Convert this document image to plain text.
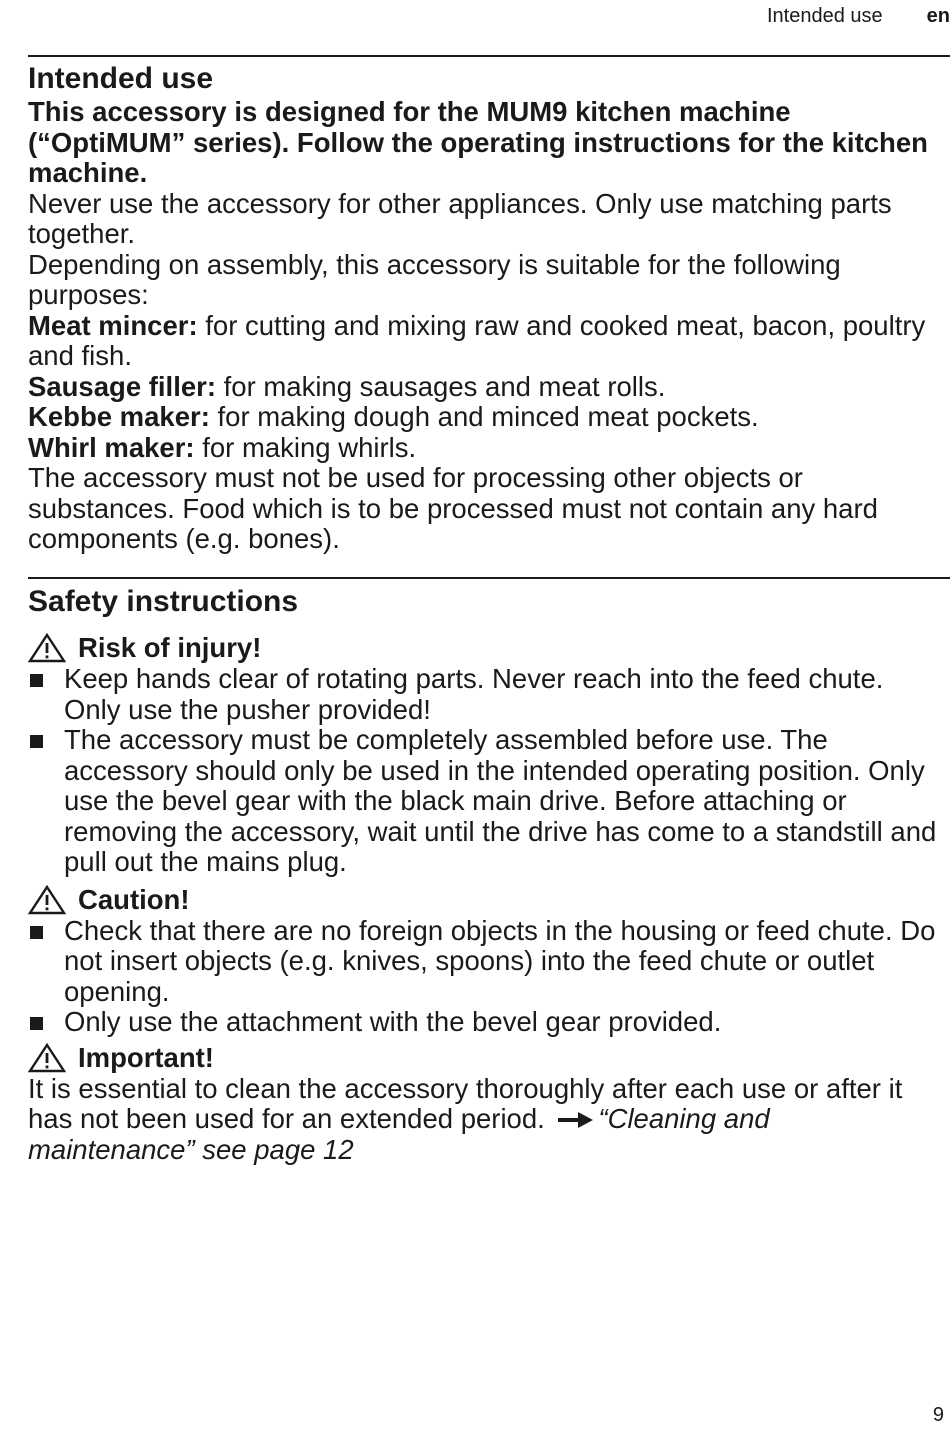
Intended use en
Intended use

This accessory is designed for the MUM9 kitchen machine (“OptiMUM” series). Follow the operating instructions for the kitchen machine.

Never use the accessory for other appliances. Only use matching parts together.

Depending on assembly, this accessory is suitable for the following purposes:

Meat mincer: for cutting and mixing raw and cooked meat, bacon, poultry and fish.

Sausage filler: for making sausages and meat rolls.

Kebbe maker: for making dough and minced meat pockets.

Whirl maker: for making whirls.

The accessory must not be used for processing other objects or substances. Food which is to be processed must not contain any hard components (e.g. bones).

Safety instructions
Risk of injury!
Keep hands clear of rotating parts. Never reach into the feed chute. Only use the pusher provided!
The accessory must be completely assembled before use. The accessory should only be used in the intended operating position. Only use the bevel gear with the black main drive. Before attaching or removing the accessory, wait until the drive has come to a standstill and pull out the mains plug.
Caution!
Check that there are no foreign objects in the housing or feed chute. Do not insert objects (e.g. knives, spoons) into the feed chute or outlet opening.
Only use the attachment with the bevel gear provided.
Important!

It is essential to clean the accessory thoroughly after each use or after it has not been used for an extended period. “Cleaning and maintenance” see page 12

9
